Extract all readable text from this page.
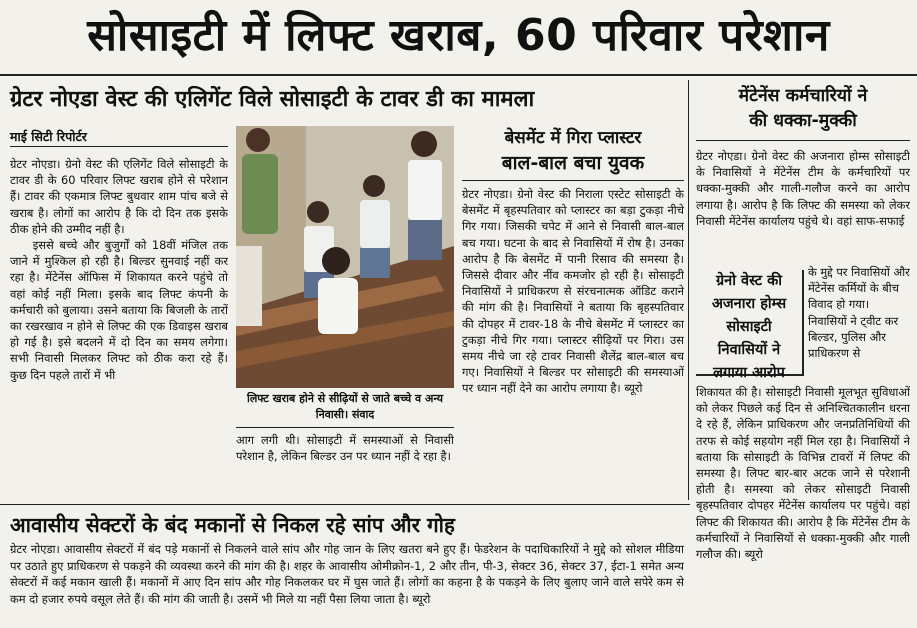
सोसाइटी में लिफ्ट खराब, 60 परिवार परेशान
ग्रेटर नोएडा वेस्ट की एलिगेंट विले सोसाइटी के टावर डी का मामला
माई सिटी रिपोर्टर

ग्रेटर नोएडा। ग्रेनो वेस्ट की एलिगेंट विले सोसाइटी के टावर डी के 60 परिवार लिफ्ट खराब होने से परेशान हैं। टावर की एकमात्र लिफ्ट बुधवार शाम पांच बजे से खराब है। लोगों का आरोप है कि दो दिन तक इसके ठीक होने की उम्मीद नहीं है।

इससे बच्चे और बुजुर्गों को 18वीं मंजिल तक जाने में मुश्किल हो रही है। बिल्डर सुनवाई नहीं कर रहा है। मेंटेनेंस ऑफिस में शिकायत करने पहुंचे तो वहां कोई नहीं मिला। इसके बाद लिफ्ट कंपनी के कर्मचारी को बुलाया। उसने बताया कि बिजली के तारों का रखरखाव न होने से लिफ्ट की एक डिवाइस खराब हो गई है। इसे बदलने में दो दिन का समय लगेगा। सभी निवासी मिलकर लिफ्ट को ठीक करा रहे हैं। कुछ दिन पहले तारों में भी

लिफ्ट खराब होने से सीढ़ियों से जाते बच्चे व अन्य निवासी। संवाद
आग लगी थी। सोसाइटी में समस्याओं से निवासी परेशान है, लेकिन बिल्डर उन पर ध्यान नहीं दे रहा है।
बेसमेंट में गिरा प्लास्टर
बाल-बाल बचा युवक
ग्रेटर नोएडा। ग्रेनो वेस्ट की निराला एस्टेट सोसाइटी के बेसमेंट में बृहस्पतिवार को प्लास्टर का बड़ा टुकड़ा नीचे गिर गया। जिसकी चपेट में आने से निवासी बाल-बाल बच गया। घटना के बाद से निवासियों में रोष है। उनका आरोप है कि बेसमेंट में पानी रिसाव की समस्या है। जिससे दीवार और नींव कमजोर हो रही है। सोसाइटी निवासियों ने प्राधिकरण से संरचनात्मक ऑडिट कराने की मांग की है। निवासियों ने बताया कि बृहस्पतिवार की दोपहर में टावर-18 के नीचे बेसमेंट में प्लास्टर का टुकड़ा नीचे गिर गया। प्लास्टर सीढ़ियों पर गिरा। उस समय नीचे जा रहे टावर निवासी शैलेंद्र बाल-बाल बच गए। निवासियों ने बिल्डर पर सोसाइटी की समस्याओं पर ध्यान नहीं देने का आरोप लगाया है। ब्यूरो
मेंटेनेंस कर्मचारियों ने
की धक्का-मुक्की
ग्रेटर नोएडा। ग्रेनो वेस्ट की अजनारा होम्स सोसाइटी के निवासियों ने मेंटेनेंस टीम के कर्मचारियों पर धक्का-मुक्की और गाली-गलौज करने का आरोप लगाया है। आरोप है कि लिफ्ट की समस्या को लेकर निवासी मेंटेनेंस कार्यालय पहुंचे थे। वहां साफ-सफाई
ग्रेनो वेस्ट की
अजनारा होम्स
सोसाइटी
निवासियों ने
लगाया आरोप
के मुद्दे पर निवासियों और मेंटेनेंस कर्मियों के बीच विवाद हो गया। निवासियों ने ट्वीट कर बिल्डर, पुलिस और प्राधिकरण से
शिकायत की है। सोसाइटी निवासी मूलभूत सुविधाओं को लेकर पिछले कई दिन से अनिश्चितकालीन धरना दे रहे हैं, लेकिन प्राधिकरण और जनप्रतिनिधियों की तरफ से कोई सहयोग नहीं मिल रहा है। निवासियों ने बताया कि सोसाइटी के विभिन्न टावरों में लिफ्ट की समस्या है। लिफ्ट बार-बार अटक जाने से परेशानी होती है। समस्या को लेकर सोसाइटी निवासी बृहस्पतिवार दोपहर मेंटेनेंस कार्यालय पर पहुंचे। वहां लिफ्ट की शिकायत की। आरोप है कि मेंटेनेंस टीम के कर्मचारियों ने निवासियों से धक्का-मुक्की और गाली गलौज की। ब्यूरो
आवासीय सेक्टरों के बंद मकानों से निकल रहे सांप और गोह
ग्रेटर नोएडा। आवासीय सेक्टरों में बंद पड़े मकानों से निकलने वाले सांप और गोह जान के लिए खतरा बने हुए हैं। फेडरेशन के पदाधिकारियों ने मुद्दे को सोशल मीडिया पर उठाते हुए प्राधिकरण से पकड़ने की व्यवस्था करने की मांग की है। शहर के आवासीय ओमीक्रोन-1, 2 और तीन, पी-3, सेक्टर 36, सेक्टर 37, ईटा-1 समेत अन्य सेक्टरों में कई मकान खाली हैं। मकानों में आए दिन सांप और गोह निकलकर घर में घुस जाते हैं। लोगों का कहना है के पकड़ने के लिए बुलाए जाने वाले सपेरे कम से कम दो हजार रुपये वसूल लेते हैं। की मांग की जाती है। उसमें भी मिले या नहीं पैसा लिया जाता है। ब्यूरो
